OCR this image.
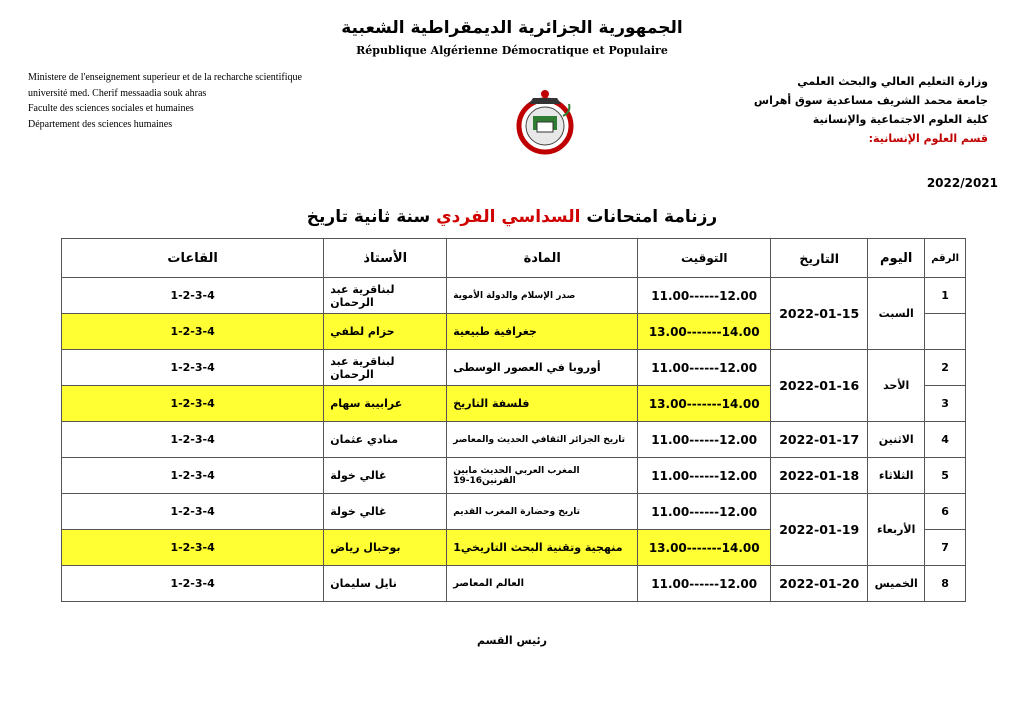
الجمهورية الجزائرية الديمقراطية الشعبية
République Algérienne Démocratique et Populaire
Ministere de l'enseignement superieur et de la recharche scientifique
université med. Cherif messaadia souk ahras
Faculte des sciences sociales et humaines
Département des sciences humaines
وزارة التعليم العالي والبحث العلمي
جامعة محمد الشريف مساعدية سوق أهراس
كلية العلوم الاجتماعية والإنسانية
قسم العلوم الإنسانية:
2022/2021
رزنامة امتحانات السداسي الفردي سنة ثانية تاريخ
القاعات	الأستاذ	المادة	التوقيت	التاريخ	اليوم	الرقم
1-2-3-4	لبناقرية عبد الرحمان	صدر الإسلام والدولة الأموية	11.00------12.00	2022-01-15	السبت	1
1-2-3-4	حزام لطفي	جغرافية طبيعية	13.00-------14.00			
1-2-3-4	لبناقرية عبد الرحمان	أوروبا في العصور الوسطى	11.00------12.00	2022-01-16	الأحد	2
1-2-3-4	عرابيبة سهام	فلسفة التاريخ	13.00-------14.00			3
1-2-3-4	منادي عثمان	تاريخ الجزائر الثقافي الحديث والمعاصر	11.00------12.00	2022-01-17	الاثنين	4
1-2-3-4	غالي خولة	المغرب العربي الحديث مابين القرنين16-19	11.00------12.00	2022-01-18	الثلاثاء	5
1-2-3-4	غالي خولة	تاريخ وحضارة المغرب القديم	11.00------12.00	2022-01-19	الأربعاء	6
1-2-3-4	بوحبال رياض	منهجية وتقنية البحث التاريخي1	13.00-------14.00			7
1-2-3-4	نايل سليمان	العالم المعاصر	11.00------12.00	2022-01-20	الخميس	8
رئيس القسم
